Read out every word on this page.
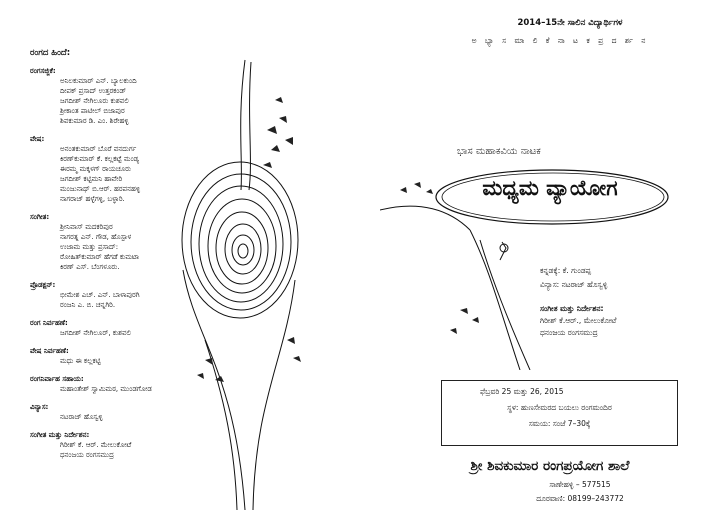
ರಂಗದ ಹಿಂದೆ:
ರಂಗಸಜ್ಜಿಕೆ:
ಅನಿಲಕುಮಾರ್ ಎನ್. ಬ್ಯಾಲಕುಂದಿ
ದೀಪಕ್ ಪ್ರಸಾದ್ ಉತ್ತರಕಂಡ್
ಜಗದೀಶ್ ನೇಗಿಲೂರು ಕುಶವಲಿ
ಶ್ರೀಕಾಂತ ಪಾಟೀಲ್ ಬಿಜಾಪುರ
ಶಿವಕುಮಾರ ಡಿ. ಎಂ. ಶಿರೇಹಳ್ಳಿ
ವೇಷ:
ಅನಂತಕುಮಾರ್ ಬೊರೆ ವನದುರ್ಗ
ಕಿರಣ್‌ಕುಮಾರ್ ಕೆ. ಕಲ್ಲಕಟ್ಟೆ ಮಂಡ್ಯ
ಈರಮ್ಮ ಮಕ್ಕಳಗ್ ರಾಯಚೂರು
ಜಗದೀಶ್ ಕಟ್ಟಿಮನಿ ಹಾವೇರಿ
ಮಂಜುನಾಥ್ ಬಿ.ಆರ್. ಹರಪನಹಳ್ಳಿ
ನಾಗರಾಜ್ ಹಳ್ಳೆಗಳ್ಳಿ, ಬಳ್ಳಾರಿ.
ಸಂಗೀತ:
ಶ್ರೀನಿವಾಸ್ ಮದಕರಿಪುರ
ನಾಗರತ್ನ ಎನ್. ಗೌಡ, ಹೊಸ್ಪಾಳ
ಉಜಾಮ ಮತ್ತು ಪ್ರಸಾದ್:
ರೋಹಿತ್‌ಕುಮಾರ್ ಹೆಗಡೆ ಕುಮಟಾ
ಕಿರಣ್ ಎಸ್. ಬೆಂಗಳೂರು.
ಪ್ರೊಡಕ್ಷನ್:
ಭೀಮೇಶ ಎಚ್. ಎನ್. ಬಾಳಾಪುರಗಿ
ರಂಜನಿ ಎ. ಬಿ. ಚನ್ನಗಿರಿ.
ರಂಗ ನಿರ್ವಹಣೆ:
ಜಗದೀಶ್ ನೇಗಿಲೂರ್, ಕುಶವಲಿ
ವೇಷ ನಿರ್ವಹಣೆ:
ಮಧು ಈ ಕಲ್ಲಕಟ್ಟಿ
ರಂಗನಿರ್ವಾಹ ಸಹಾಯ:
ಮಹಾಂತೇಶ್ ಸ್ವಾಮಿಮಠ, ಮುಂಡಗೋಡ
ವಿನ್ಯಾಸ:
ನಟರಾಜ್ ಹೊಸ್ವಳ್ಳಿ
ಸಂಗೀತ ಮತ್ತು ನಿರ್ದೇಶನ:
ಗಿರೀಶ್ ಕೆ. ಆರ್. ಮೇಲುಕೋಟೆ
ಧನಂಜಯ ರಂಗಸಮುದ್ರ
2014–15ನೇ ಸಾಲಿನ ವಿದ್ಯಾರ್ಥಿಗಳ
ಅ ಭ್ಯಾ ಸ ಮಾ ಲಿ ಕೆ ನಾ ಟ ಕ ಪ್ರ ದ ರ್ಶ ನ
ಭಾಸ ಮಹಾಕವಿಯ ನಾಟಕ
ಮಧ್ಯಮ ವ್ಯಾಯೋಗ
ಕನ್ನಡಕ್ಕೆ: ಕೆ. ಗುಂಡಪ್ಪ
ವಿನ್ಯಾಸ: ನಟರಾಜ್ ಹೊಸ್ವಳ್ಳಿ
ಸಂಗೀತ ಮತ್ತು ನಿರ್ದೇಶನ:
ಗಿರೀಶ್ ಕೆ.ಆರ್., ಮೇಲುಕೋಟೆ
ಧನಂಜಯ ರಂಗಸಮುದ್ರ
ಫೆಬ್ರವರಿ 25 ಮತ್ತು 26, 2015
ಸ್ಥಳ: ಹುಣಸೇಮರದ ಬಯಲು ರಂಗಮಂದಿರ
ಸಮಯ: ಸಂಜೆ 7–30ಕ್ಕೆ
ಶ್ರೀ ಶಿವಕುಮಾರ ರಂಗಪ್ರಯೋಗ ಶಾಲೆ
ಸಾಣೇಹಳ್ಳಿ – 577515
ದೂರವಾಣಿ: 08199–243772
